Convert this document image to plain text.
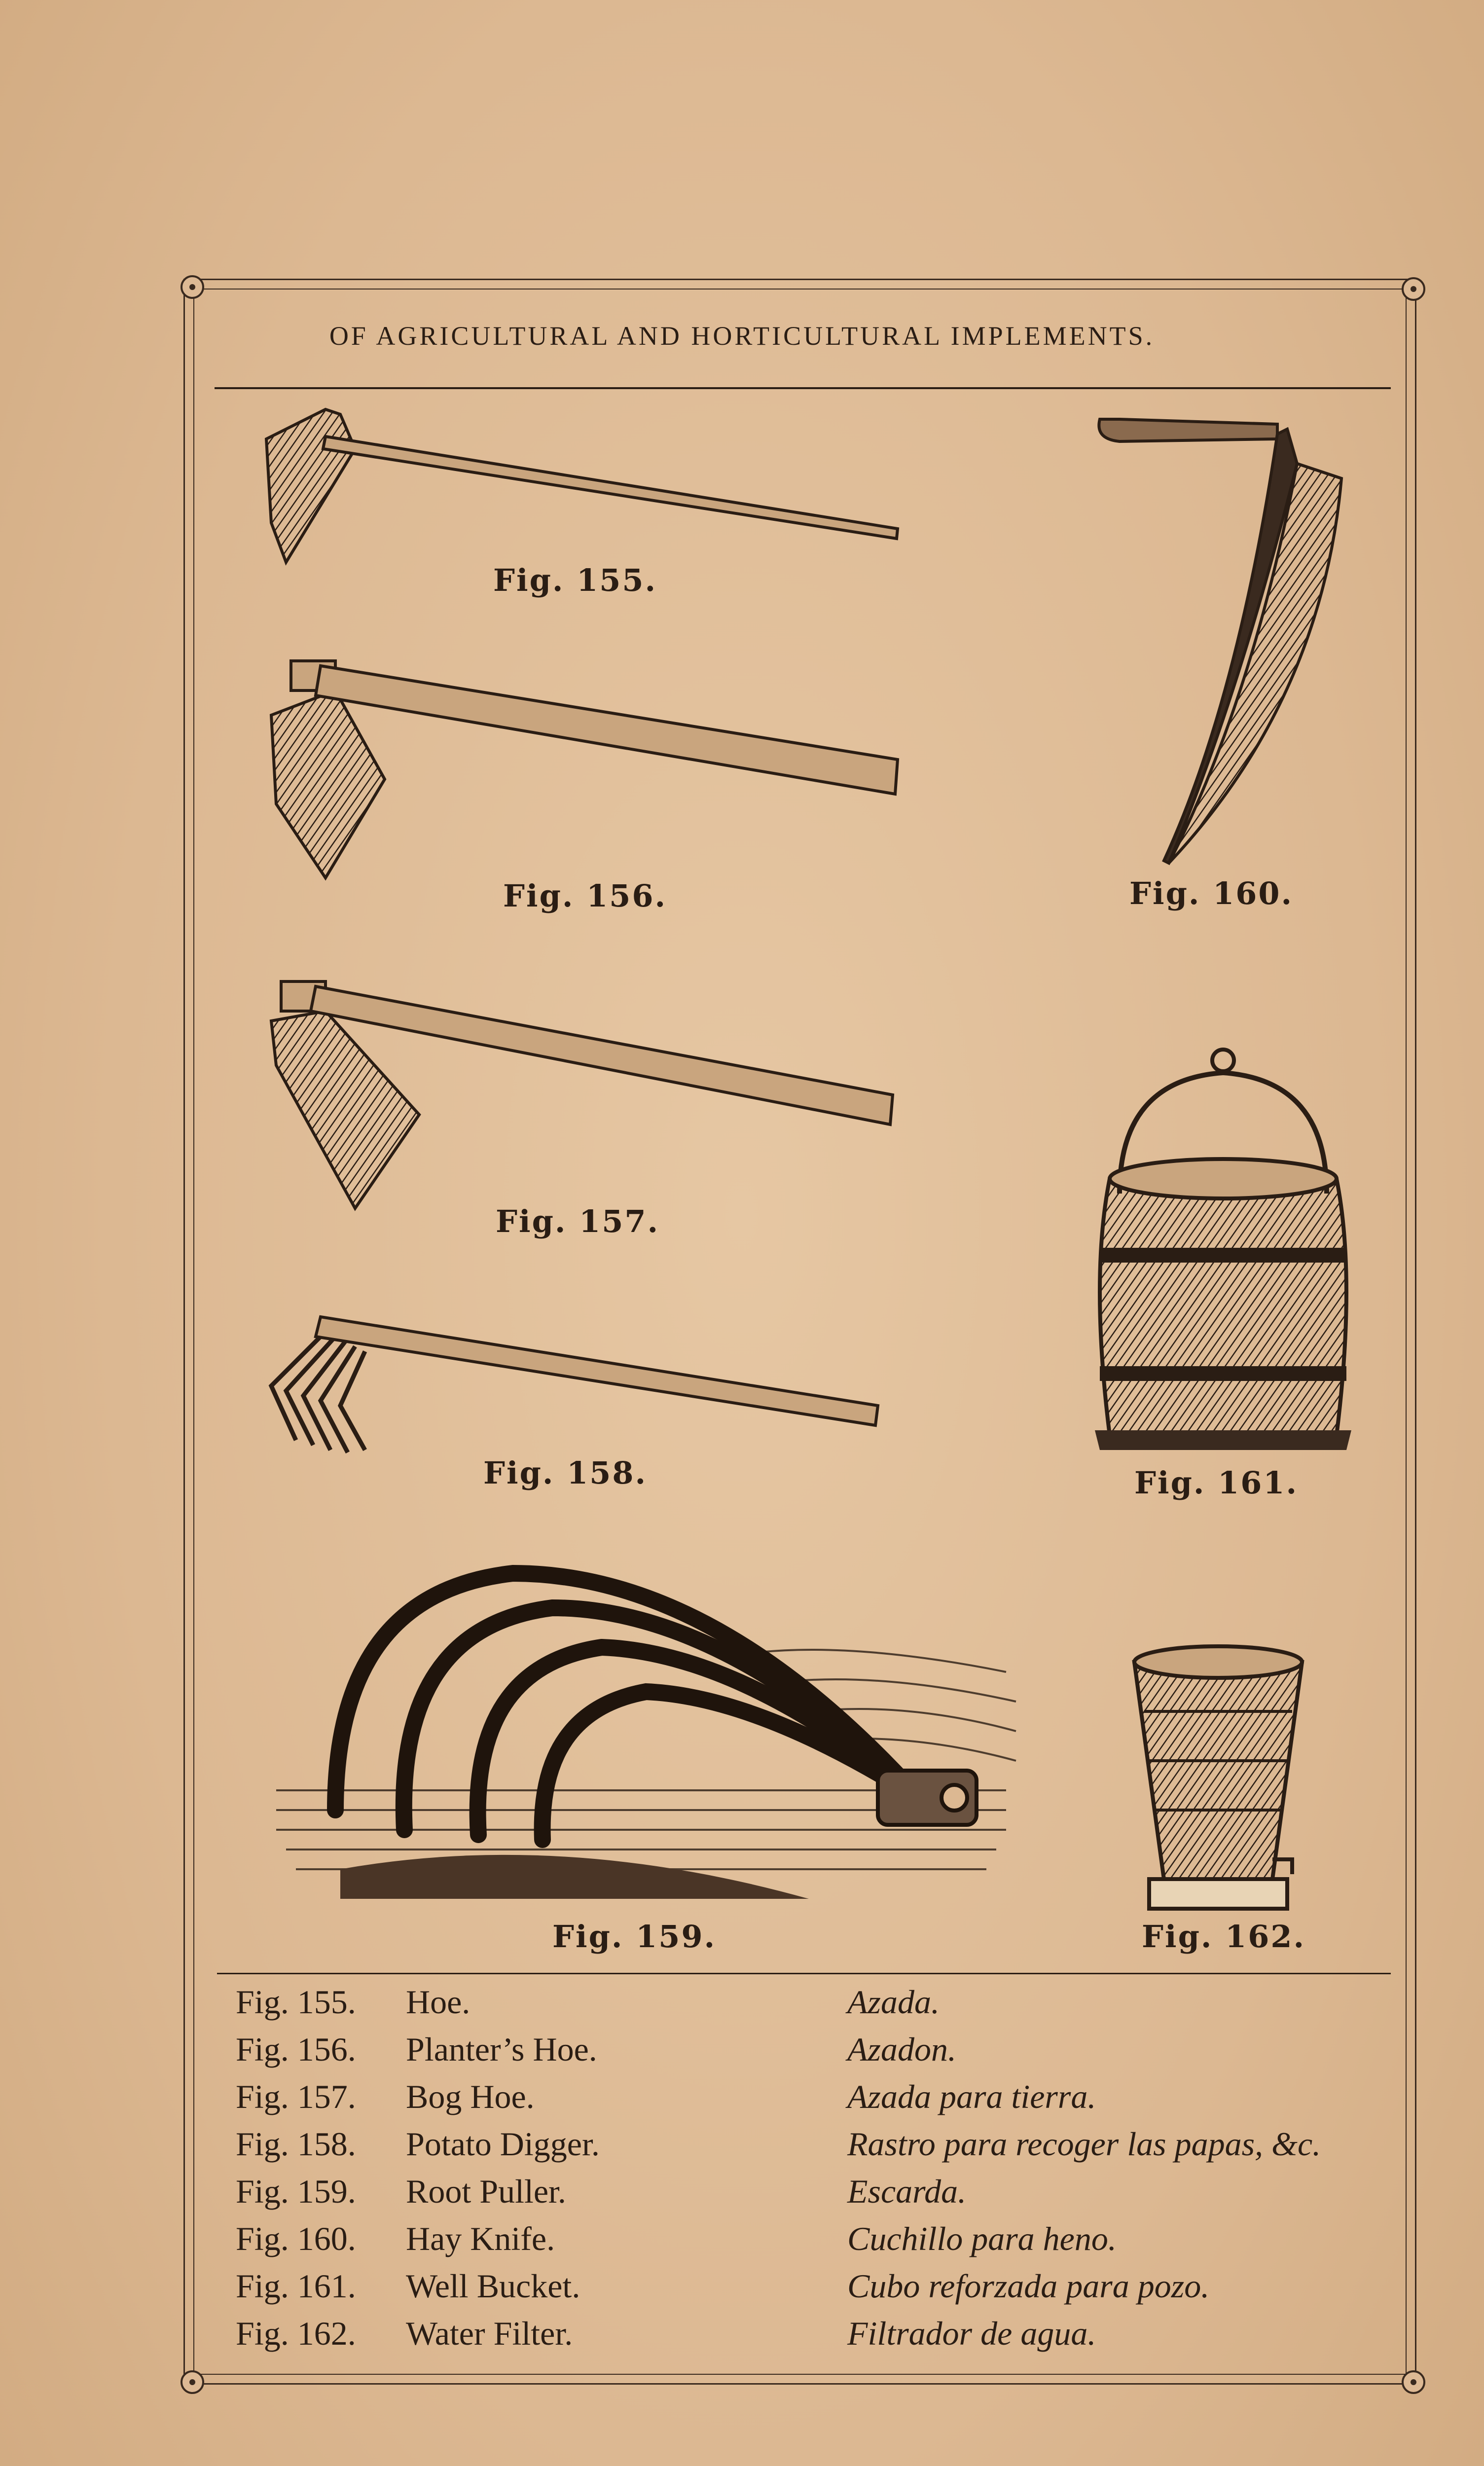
OF AGRICULTURAL AND HORTICULTURAL IMPLEMENTS.
Fig. 155.
Fig. 156.
Fig. 157.
Fig. 158.
Fig. 159.
Fig. 160.
Fig. 161.
Fig. 162.
Fig. 155. Hoe.	Azada.
Fig. 156. Planter’s Hoe.	Azadon.
Fig. 157. Bog Hoe.	Azada para tierra.
Fig. 158. Potato Digger.	Rastro para recoger las papas, &c.
Fig. 159. Root Puller.	Escarda.
Fig. 160. Hay Knife.	Cuchillo para heno.
Fig. 161. Well Bucket.	Cubo reforzada para pozo.
Fig. 162. Water Filter.	Filtrador de agua.
